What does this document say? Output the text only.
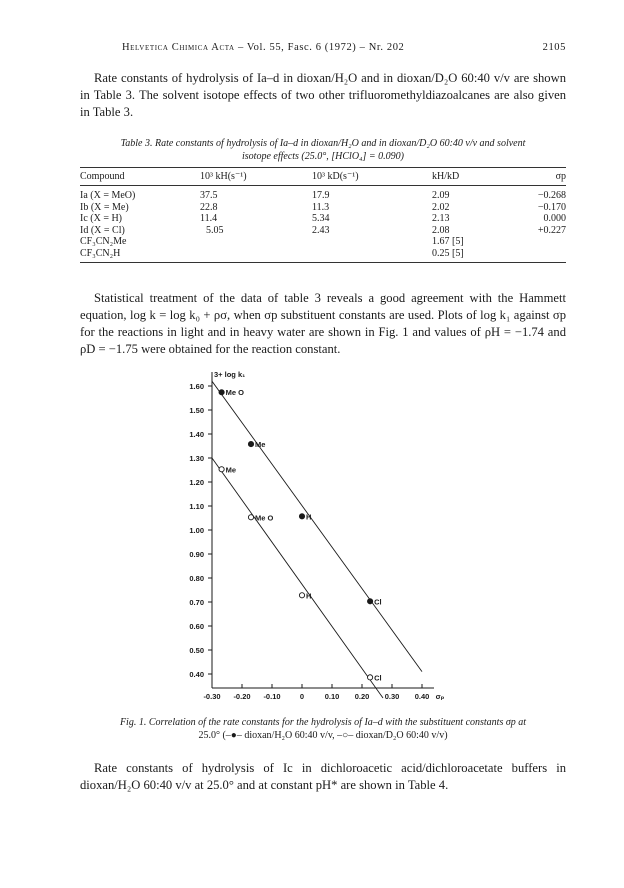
Helvetica Chimica Acta – Vol. 55, Fasc. 6 (1972) – Nr. 202	2105
Rate constants of hydrolysis of Ia–d in dioxan/H₂O and in dioxan/D₂O 60:40 v/v are shown in Table 3. The solvent isotope effects of two other trifluoromethyldiazoalcanes are also given in Table 3.
Table 3. Rate constants of hydrolysis of Ia–d in dioxan/H₂O and in dioxan/D₂O 60:40 v/v and solvent
isotope effects (25.0°, [HClO₄] = 0.090)
Compound	10³ kH(s⁻¹)	10³ kD(s⁻¹)	kH/kD	σp
Ia (X = MeO)	37.5	17.9	2.09	−0.268
Ib (X = Me)	22.8	11.3	2.02	−0.170
Ic (X = H)	11.4	5.34	2.13	0.000
Id (X = Cl)	5.05	2.43	2.08	+0.227
CF₃CN₂Me			1.67 [5]	
CF₃CN₂H			0.25 [5]	
Statistical treatment of the data of table 3 reveals a good agreement with the Hammett equation, log k = log k₀ + ρσ, when σp substituent constants are used. Plots of log k₁ against σp for the reactions in light and in heavy water are shown in Fig. 1 and values of ρH = −1.74 and ρD = −1.75 were obtained for the reaction constant.
3+ log k₁
1.60
1.50
1.40
1.30
1.20
1.10
1.00
0.90
0.80
0.70
0.60
0.50
0.40
-0.30 -0.20 -0.10	0	0.10 0.20 0.30 0.40 σₚ
Me O
Me
H
Cl
Me
Me O
H
Cl
Fig. 1. Correlation of the rate constants for the hydrolysis of Ia–d with the substituent constants σp at
25.0° (–●– dioxan/H₂O 60:40 v/v, –○– dioxan/D₂O 60:40 v/v)
Rate constants of hydrolysis of Ic in dichloroacetic acid/dichloroacetate buffers in dioxan/H₂O 60:40 v/v at 25.0° and at constant pH* are shown in Table 4.
